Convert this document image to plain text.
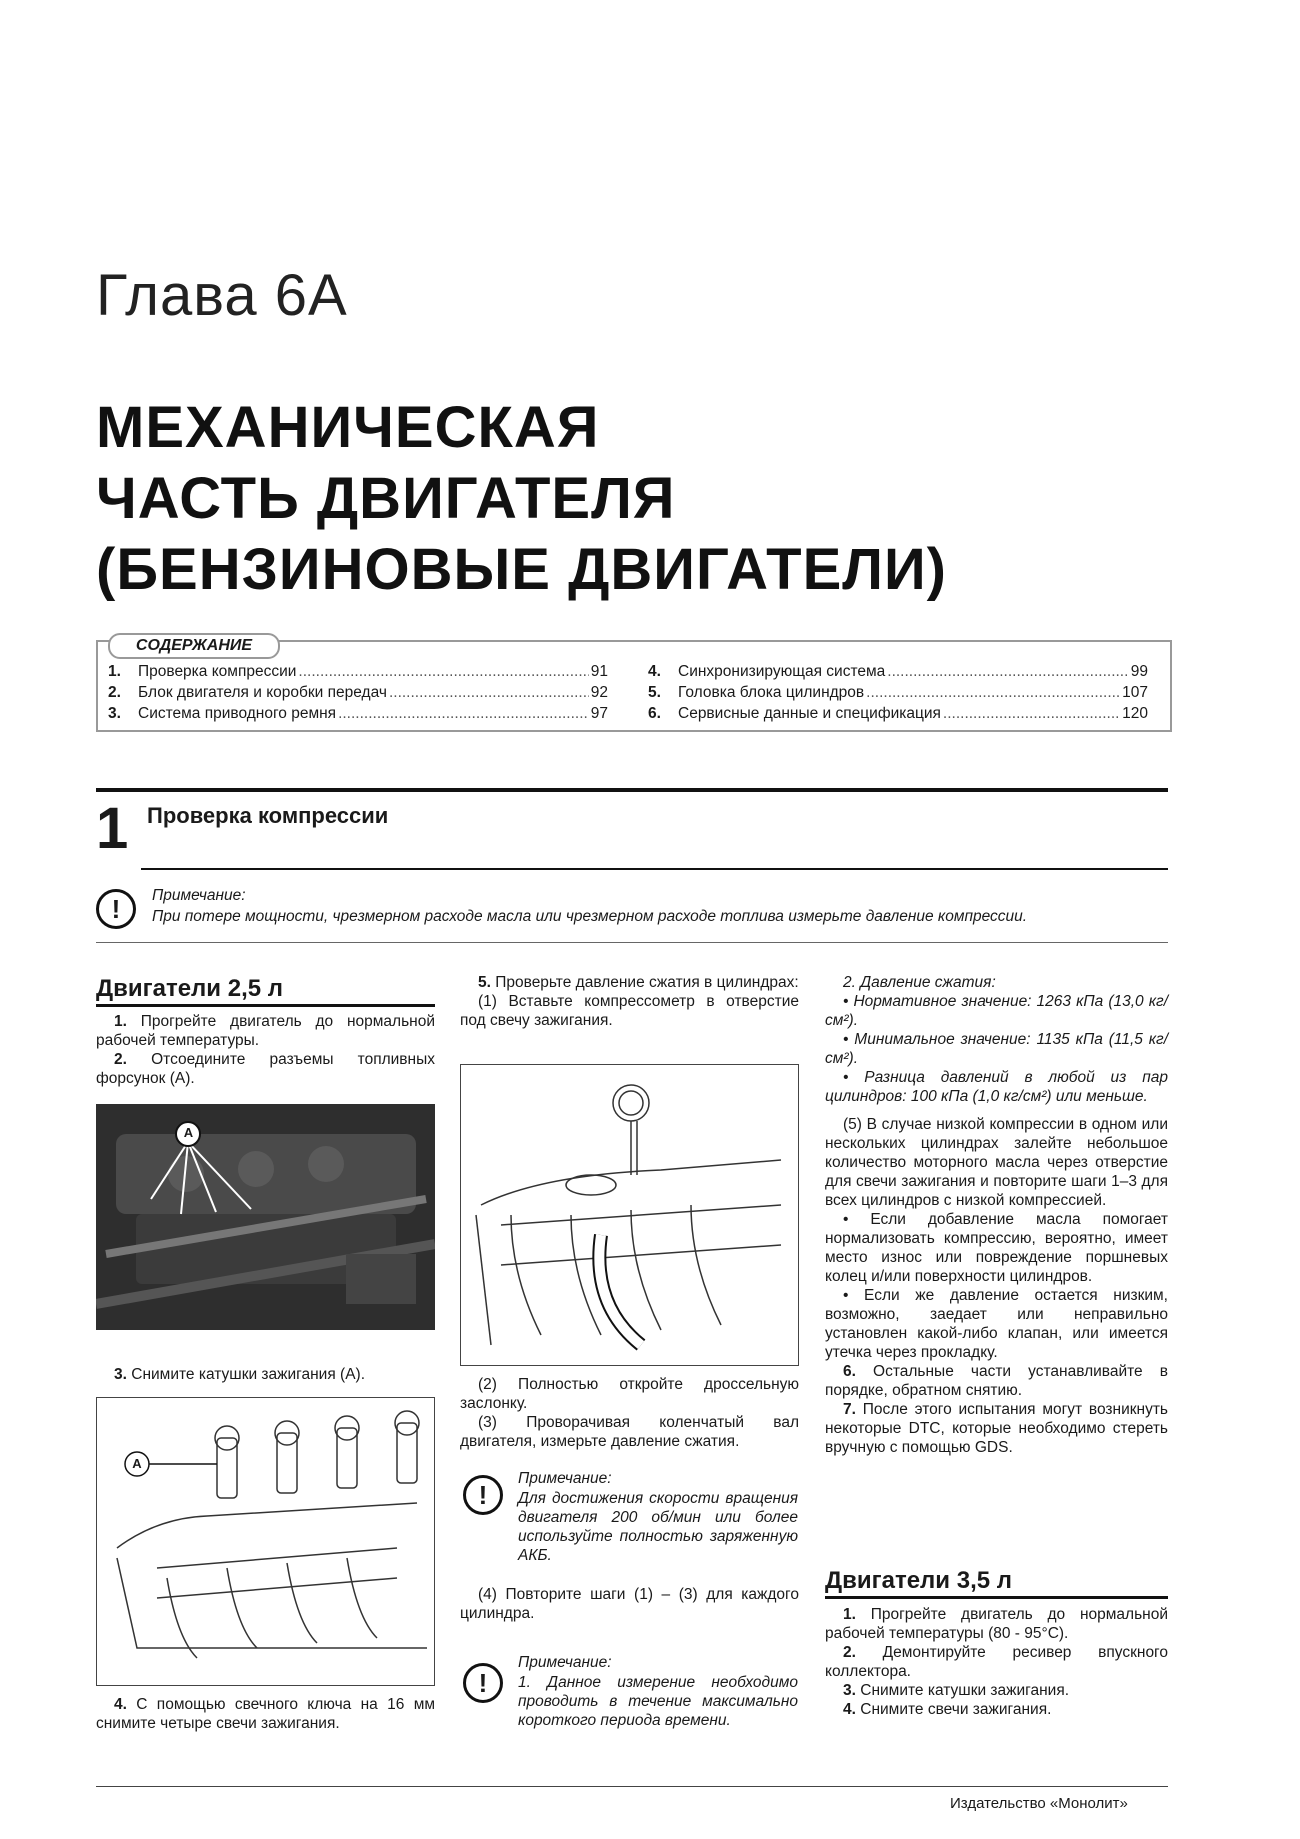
Глава 6А
МЕХАНИЧЕСКАЯ
ЧАСТЬ ДВИГАТЕЛЯ
(БЕНЗИНОВЫЕ ДВИГАТЕЛИ)
СОДЕРЖАНИЕ
1.	Проверка компрессии .....	91
2.	Блок двигателя и коробки передач .....	92
3.	Система приводного ремня .....	97
4.	Синхронизирующая система .....	99
5.	Головка блока цилиндров .....	107
6.	Сервисные данные и спецификация .....	120
1 Проверка компрессии
!	Примечание:
При потере мощности, чрезмерном расходе масла или чрезмерном расходе топлива измерьте давление компрессии.
Двигатели 2,5 л

1. Прогрейте двигатель до нормальной рабочей температуры.

2. Отсоедините разъемы топливных форсунок (А).

A

3. Снимите катушки зажигания (А).

A

4. С помощью свечного ключа на 16 мм снимите четыре свечи зажигания.

5. Проверьте давление сжатия в цилиндрах:

(1) Вставьте компрессометр в отверстие под свечу зажигания.

(2) Полностью откройте дроссельную заслонку.

(3) Проворачивая коленчатый вал двигателя, измерьте давление сжатия.

!
Примечание:
Для достижения скорости вращения двигателя 200 об/мин или более используйте полностью заряженную АКБ.

(4) Повторите шаги (1) – (3) для каждого цилиндра.

!
Примечание:
1. Данное измерение необходимо проводить в течение максимально короткого периода времени.

2. Давление сжатия:

• Нормативное значение: 1263 кПа (13,0 кг/см²).

• Минимальное значение: 1135 кПа (11,5 кг/см²).

• Разница давлений в любой из пар цилиндров: 100 кПа (1,0 кг/см²) или меньше.

(5) В случае низкой компрессии в одном или нескольких цилиндрах залейте небольшое количество моторного масла через отверстие для свечи зажигания и повторите шаги 1–3 для всех цилиндров с низкой компрессией.

• Если добавление масла помогает нормализовать компрессию, вероятно, имеет место износ или повреждение поршневых колец и/или поверхности цилиндров.

• Если же давление остается низким, возможно, заедает или неправильно установлен какой-либо клапан, или имеется утечка через прокладку.

6. Остальные части устанавливайте в порядке, обратном снятию.

7. После этого испытания могут возникнуть некоторые DTC, которые необходимо стереть вручную с помощью GDS.

Двигатели 3,5 л

1. Прогрейте двигатель до нормальной рабочей температуры (80 - 95°С).

2. Демонтируйте ресивер впускного коллектора.

3. Снимите катушки зажигания.

4. Снимите свечи зажигания.

Издательство «Монолит»
